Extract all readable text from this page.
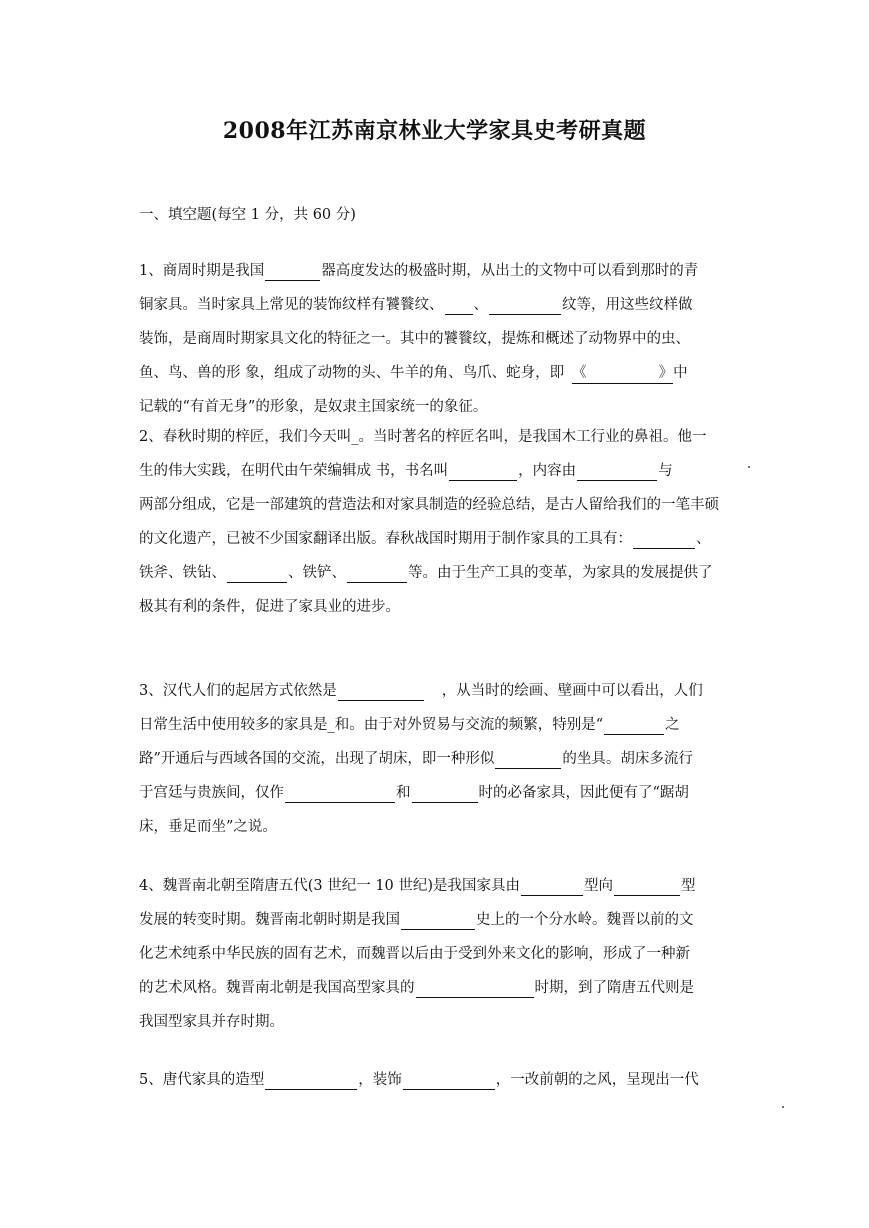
2008年江苏南京林业大学家具史考研真题
一、填空题(每空 1 分，共 60 分)
1、商周时期是我国	器高度发达的极盛时期，从出土的文物中可以看到那时的青
铜家具。当时家具上常见的装饰纹样有饕餮纹、 、	纹等，用这些纹样做
装饰，是商周时期家具文化的特征之一。其中的饕餮纹，提炼和概述了动物界中的虫、
鱼、鸟、兽的形 象，组成了动物的头、牛羊的角、鸟爪、蛇身，即 《	》中
记载的“有首无身”的形象，是奴隶主国家统一的象征。
2、春秋时期的梓匠，我们今天叫_。当时著名的梓匠名叫，是我国木工行业的鼻祖。他一
生的伟大实践，在明代由午荣编辑成 书，书名叫	，内容由	与
两部分组成，它是一部建筑的营造法和对家具制造的经验总结，是古人留给我们的一笔丰硕
的文化遗产，已被不少国家翻译出版。春秋战国时期用于制作家具的工具有：	、
铁斧、铁钻、	、铁铲、	等。由于生产工具的变革，为家具的发展提供了
极其有利的条件，促进了家具业的进步。
3、汉代人们的起居方式依然是	，从当时的绘画、壁画中可以看出，人们
日常生活中使用较多的家具是_和。由于对外贸易与交流的频繁，特别是“	之
路”开通后与西域各国的交流，出现了胡床，即一种形似	的坐具。胡床多流行
于宫廷与贵族间，仅作	和	时的必备家具，因此便有了“踞胡
床，垂足而坐”之说。
4、魏晋南北朝至隋唐五代(3 世纪一 10 世纪)是我国家具由	型向	型
发展的转变时期。魏晋南北朝时期是我国	史上的一个分水岭。魏晋以前的文
化艺术纯系中华民族的固有艺术，而魏晋以后由于受到外来文化的影响，形成了一种新
的艺术风格。魏晋南北朝是我国高型家具的	时期，到了隋唐五代则是
我国型家具并存时期。
5、唐代家具的造型	，装饰	，一改前朝的之风，呈现出一代
